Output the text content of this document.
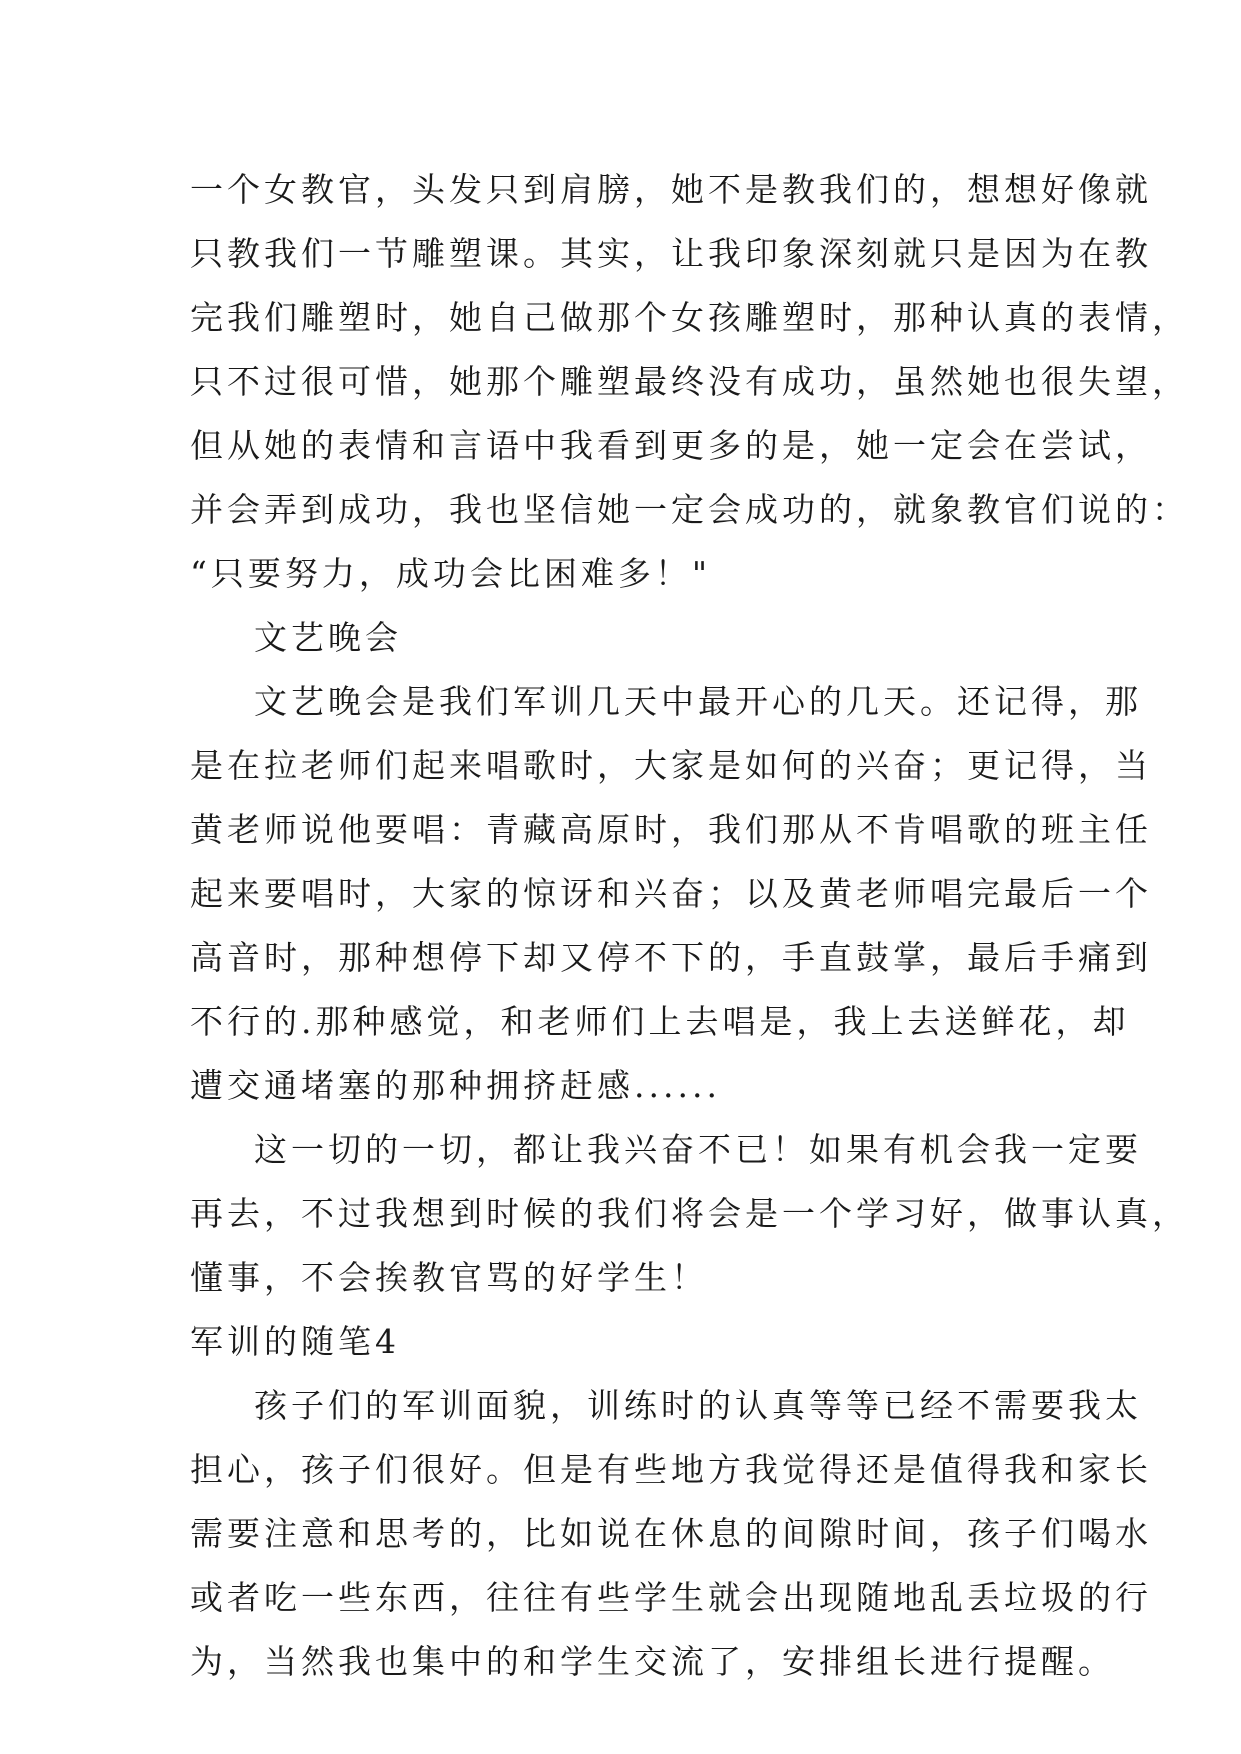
一个女教官，头发只到肩膀，她不是教我们的，想想好像就
只教我们一节雕塑课。其实，让我印象深刻就只是因为在教
完我们雕塑时，她自己做那个女孩雕塑时，那种认真的表情，
只不过很可惜，她那个雕塑最终没有成功，虽然她也很失望，
但从她的表情和言语中我看到更多的是，她一定会在尝试，
并会弄到成功，我也坚信她一定会成功的，就象教官们说的：
“只要努力，成功会比困难多！"
文艺晚会
文艺晚会是我们军训几天中最开心的几天。还记得，那
是在拉老师们起来唱歌时，大家是如何的兴奋；更记得，当
黄老师说他要唱：青藏高原时，我们那从不肯唱歌的班主任
起来要唱时，大家的惊讶和兴奋；以及黄老师唱完最后一个
高音时，那种想停下却又停不下的，手直鼓掌，最后手痛到
不行的.那种感觉，和老师们上去唱是，我上去送鲜花，却
遭交通堵塞的那种拥挤赶感......
这一切的一切，都让我兴奋不已！如果有机会我一定要
再去，不过我想到时候的我们将会是一个学习好，做事认真，
懂事，不会挨教官骂的好学生！
军训的随笔4
孩子们的军训面貌，训练时的认真等等已经不需要我太
担心，孩子们很好。但是有些地方我觉得还是值得我和家长
需要注意和思考的，比如说在休息的间隙时间，孩子们喝水
或者吃一些东西，往往有些学生就会出现随地乱丢垃圾的行
为，当然我也集中的和学生交流了，安排组长进行提醒。
